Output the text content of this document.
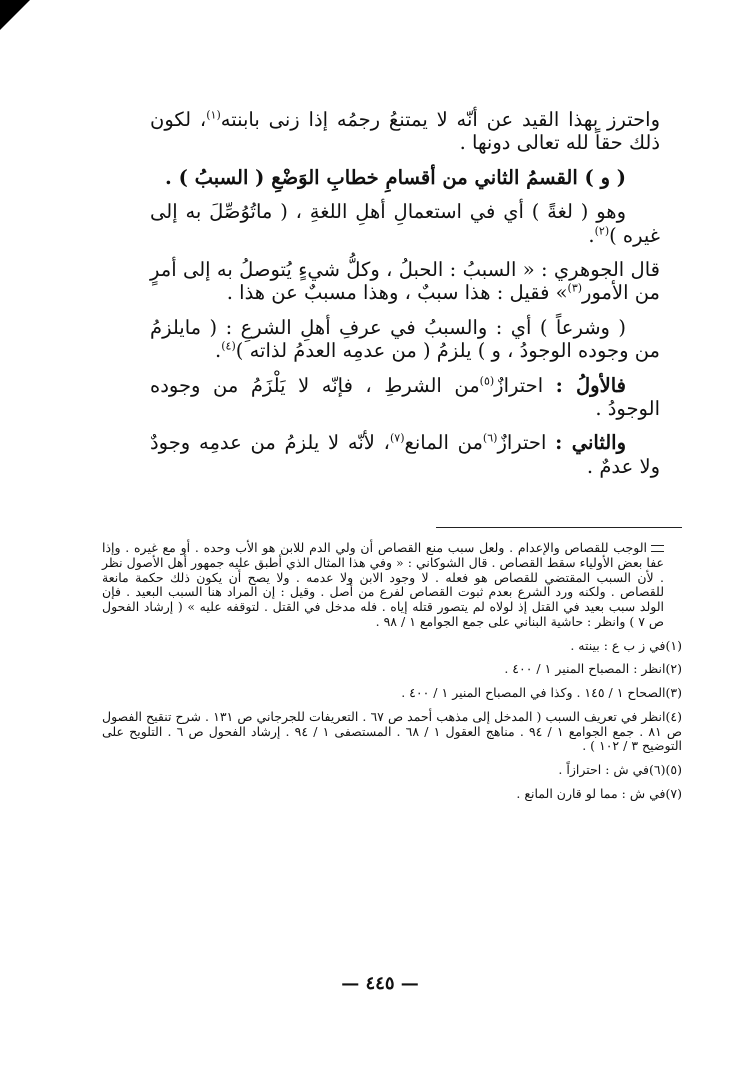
واحترز بهذا القيد عن أنّه لا يمتنعُ رجمُه إذا زنى بابنته$^{(١)}$، لكون ذلك حقاً لله تعالى دونها .

( و ) القسمُ الثاني من أقسامِ خطابِ الوَضْعِ ( السببُ ) .

وهو ( لغةً ) أي في استعمالِ أهلِ اللغةِ ، ( ماتُوُصِّلَ به إلى غيره )$^{(٢)}$.

قال الجوهري : « السببُ : الحبلُ ، وكلُّ شيءٍ يُتوصلُ به إلى أمرٍ من الأمور$^{(٣)}$» فقيل : هذا سببٌ ، وهذا مسببٌ عن هذا .

( وشرعاً ) أي : والسببُ في عرفِ أهلِ الشرعِ : ( مايلزمُ من وجوده الوجودُ ، و ) يلزمُ ( من عدمِه العدمُ لذاته )$^{(٤)}$.

فالأولُ : احترازٌ$^{(٥)}$من الشرطِ ، فإنّه لا يَلْزَمُ من وجوده الوجودُ .

والثاني : احترازٌ$^{(٦)}$من المانع$^{(٧)}$، لأنّه لا يلزمُ من عدمِه وجودٌ ولا عدمٌ .

الوجب للقصاص والإعدام . ولعل سبب منع القصاص أن ولي الدم للابن هو الأب وحده . أو مع غيره . وإذا عفا بعض الأولياء سقط القصاص . قال الشوكاني : « وفي هذا المثال الذي أطبق عليه جمهور أهل الأصول نظر . لأن السبب المقتضي للقصاص هو فعله . لا وجود الابن ولا عدمه . ولا يصح أن يكون ذلك حكمة مانعة للقصاص . ولكنه ورد الشرع بعدم ثبوت القصاص لفرع من أصل . وقيل : إن المراد هنا السبب البعيد . فإن الولد سبب بعيد في القتل إذ لولاه لم يتصور قتله إياه . فله مدخل في القتل . لتوقفه عليه » ( إرشاد الفحول ص ٧ ) وانظر : حاشية البناني على جمع الجوامع ١ / ٩٨ .

(١)في ز ب ع : بينته .

(٢)انظر : المصباح المنير ١ / ٤٠٠ .

(٣)الصحاح ١ / ١٤٥ . وكذا في المصباح المنير ١ / ٤٠٠ .

(٤)انظر في تعريف السبب ( المدخل إلى مذهب أحمد ص ٦٧ . التعريفات للجرجاني ص ١٣١ . شرح تنقيح الفصول ص ٨١ . جمع الجوامع ١ / ٩٤ . مناهج العقول ١ / ٦٨ . المستصفى ١ / ٩٤ . إرشاد الفحول ص ٦ . التلويح على التوضيح ٣ / ١٠٢ ) .

(٥)(٦)في ش : احترازاً .

(٧)في ش : مما لو قارن المانع .

— ٤٤٥ —
